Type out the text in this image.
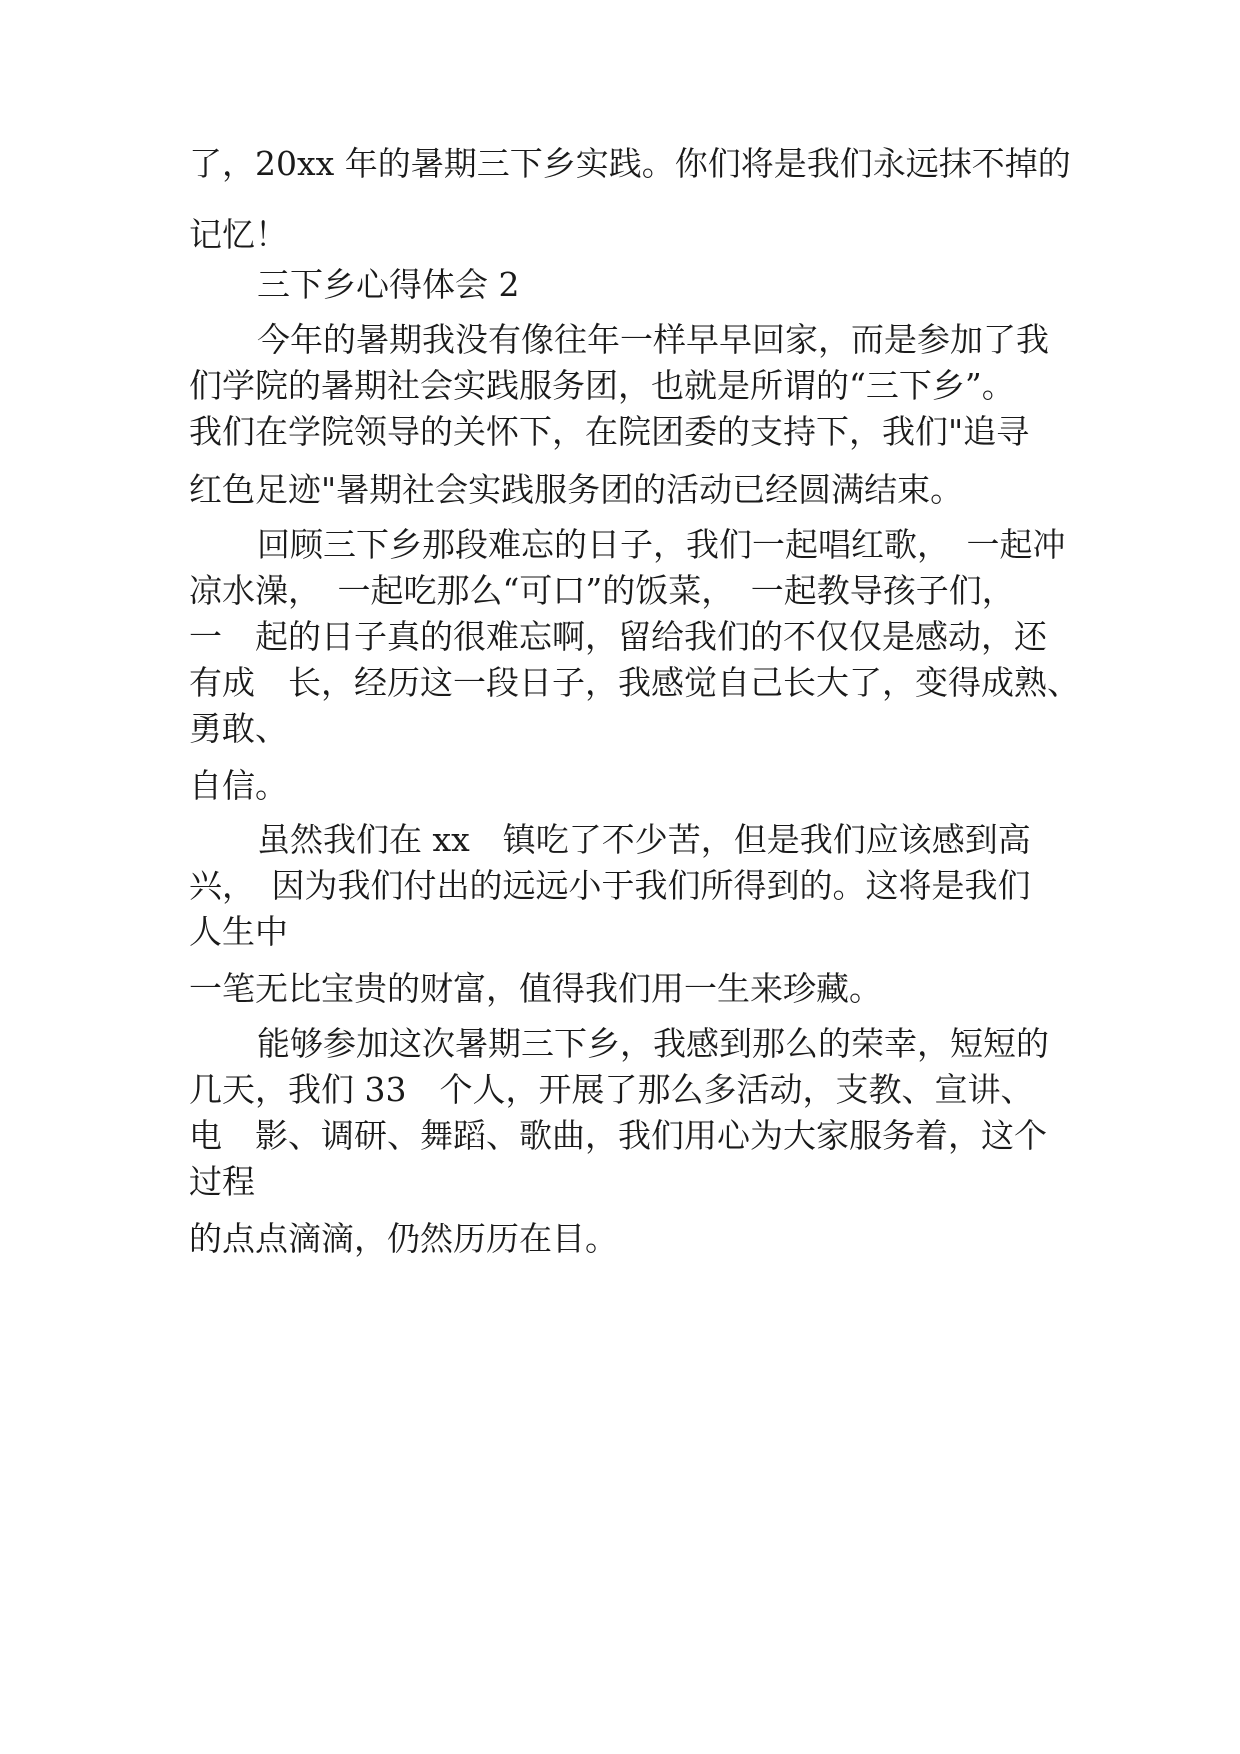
了，20xx 年的暑期三下乡实践。你们将是我们永远抹不掉的
记忆！
三下乡心得体会 2
今年的暑期我没有像往年一样早早回家，而是参加了我
们学院的暑期社会实践服务团，也就是所谓的“三下乡”。
我们在学院领导的关怀下，在院团委的支持下，我们"追寻
红色足迹"暑期社会实践服务团的活动已经圆满结束。
回顾三下乡那段难忘的日子，我们一起唱红歌，　一起冲
凉水澡，　一起吃那么“可口”的饭菜，　一起教导孩子们，
一　起的日子真的很难忘啊，留给我们的不仅仅是感动，还
有成　长，经历这一段日子，我感觉自己长大了，变得成熟、
勇敢、
自信。
虽然我们在 xx　镇吃了不少苦，但是我们应该感到高
兴，　因为我们付出的远远小于我们所得到的。这将是我们
人生中
一笔无比宝贵的财富，值得我们用一生来珍藏。
能够参加这次暑期三下乡，我感到那么的荣幸，短短的
几天，我们 33　个人，开展了那么多活动，支教、宣讲、
电　影、调研、舞蹈、歌曲，我们用心为大家服务着，这个
过程
的点点滴滴，仍然历历在目。
